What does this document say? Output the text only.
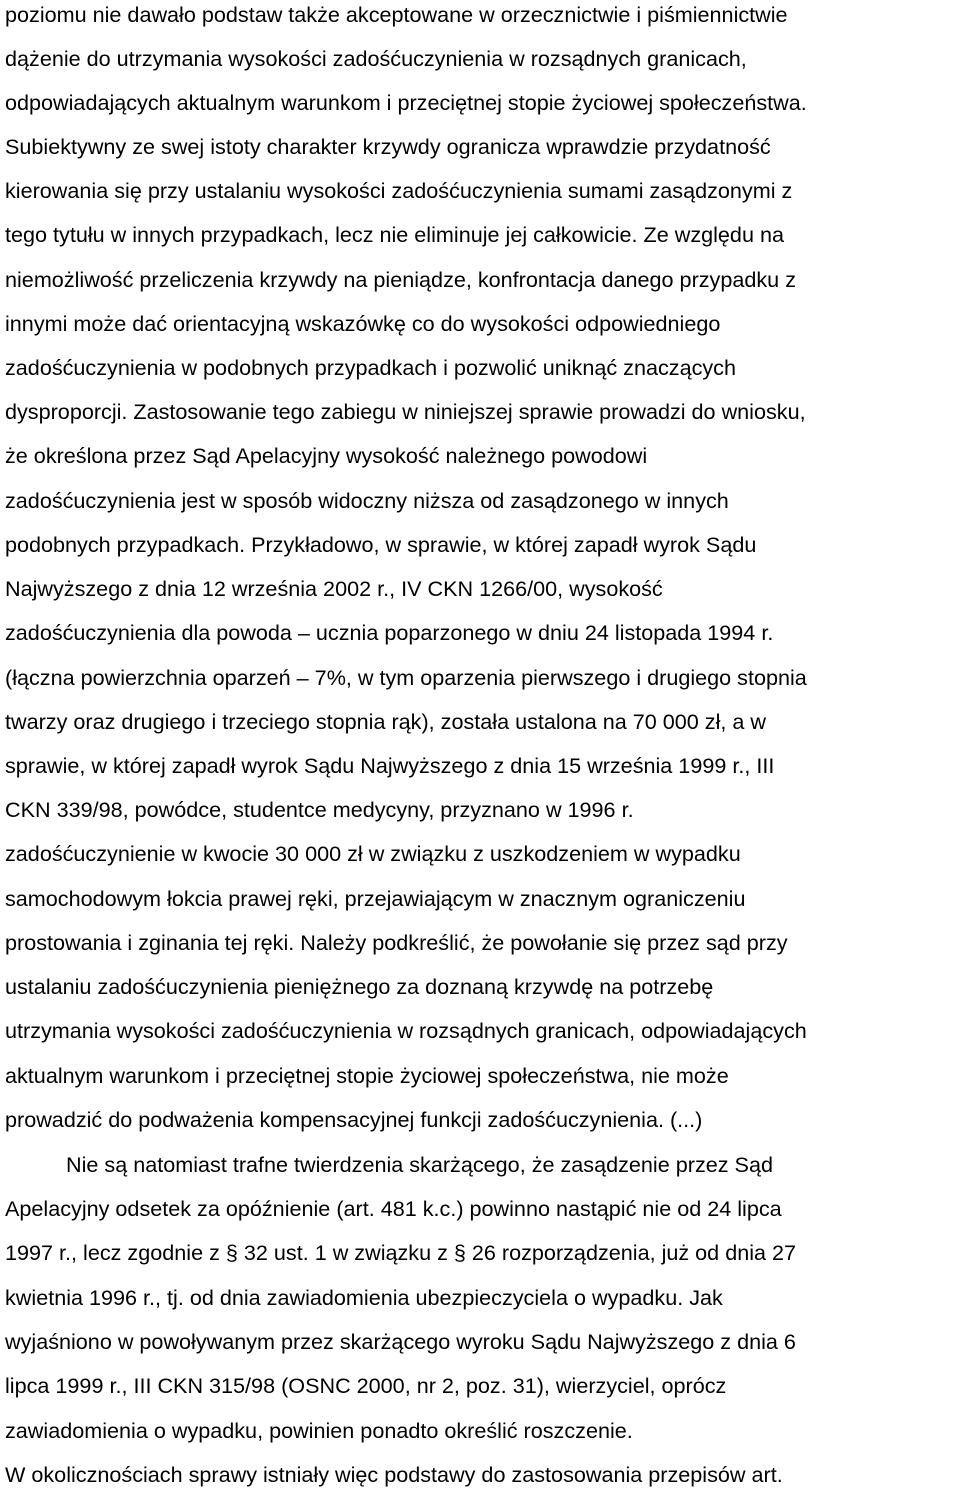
poziomu nie dawało podstaw także akceptowane w orzecznictwie i piśmiennictwie

dążenie do utrzymania wysokości zadośćuczynienia w rozsądnych granicach,

odpowiadających aktualnym warunkom i przeciętnej stopie życiowej społeczeństwa.

Subiektywny ze swej istoty charakter krzywdy ogranicza wprawdzie przydatność

kierowania się przy ustalaniu wysokości zadośćuczynienia sumami zasądzonymi z

tego tytułu w innych przypadkach, lecz nie eliminuje jej całkowicie. Ze względu na

niemożliwość przeliczenia krzywdy na pieniądze, konfrontacja danego przypadku z

innymi może dać orientacyjną wskazówkę co do wysokości odpowiedniego

zadośćuczynienia w podobnych przypadkach i pozwolić uniknąć znaczących

dysproporcji. Zastosowanie tego zabiegu w niniejszej sprawie prowadzi do wniosku,

że określona przez Sąd Apelacyjny wysokość należnego powodowi

zadośćuczynienia jest w sposób widoczny niższa od zasądzonego w innych

podobnych przypadkach. Przykładowo, w sprawie, w której zapadł wyrok Sądu

Najwyższego z dnia 12 września 2002 r., IV CKN 1266/00, wysokość

zadośćuczynienia dla powoda – ucznia poparzonego w dniu 24 listopada 1994 r.

(łączna powierzchnia oparzeń – 7%, w tym oparzenia pierwszego i drugiego stopnia

twarzy oraz drugiego i trzeciego stopnia rąk), została ustalona na 70 000 zł, a w

sprawie, w której zapadł wyrok Sądu Najwyższego z dnia 15 września 1999 r., III

CKN 339/98, powódce, studentce medycyny, przyznano w 1996 r.

zadośćuczynienie w kwocie 30 000 zł w związku z uszkodzeniem w wypadku

samochodowym łokcia prawej ręki, przejawiającym w znacznym ograniczeniu

prostowania i zginania tej ręki. Należy podkreślić, że powołanie się przez sąd przy

ustalaniu zadośćuczynienia pieniężnego za doznaną krzywdę na potrzebę

utrzymania wysokości zadośćuczynienia w rozsądnych granicach, odpowiadających

aktualnym warunkom i przeciętnej stopie życiowej społeczeństwa, nie może

prowadzić do podważenia kompensacyjnej funkcji zadośćuczynienia. (...)

Nie są natomiast trafne twierdzenia skarżącego, że zasądzenie przez Sąd

Apelacyjny odsetek za opóźnienie (art. 481 k.c.) powinno nastąpić nie od 24 lipca

1997 r., lecz zgodnie z § 32 ust. 1 w związku z § 26 rozporządzenia, już od dnia 27

kwietnia 1996 r., tj. od dnia zawiadomienia ubezpieczyciela o wypadku. Jak

wyjaśniono w powoływanym przez skarżącego wyroku Sądu Najwyższego z dnia 6

lipca 1999 r., III CKN 315/98 (OSNC 2000, nr 2, poz. 31), wierzyciel, oprócz

zawiadomienia o wypadku, powinien ponadto określić roszczenie.

W okolicznościach sprawy istniały więc podstawy do zastosowania przepisów art.
